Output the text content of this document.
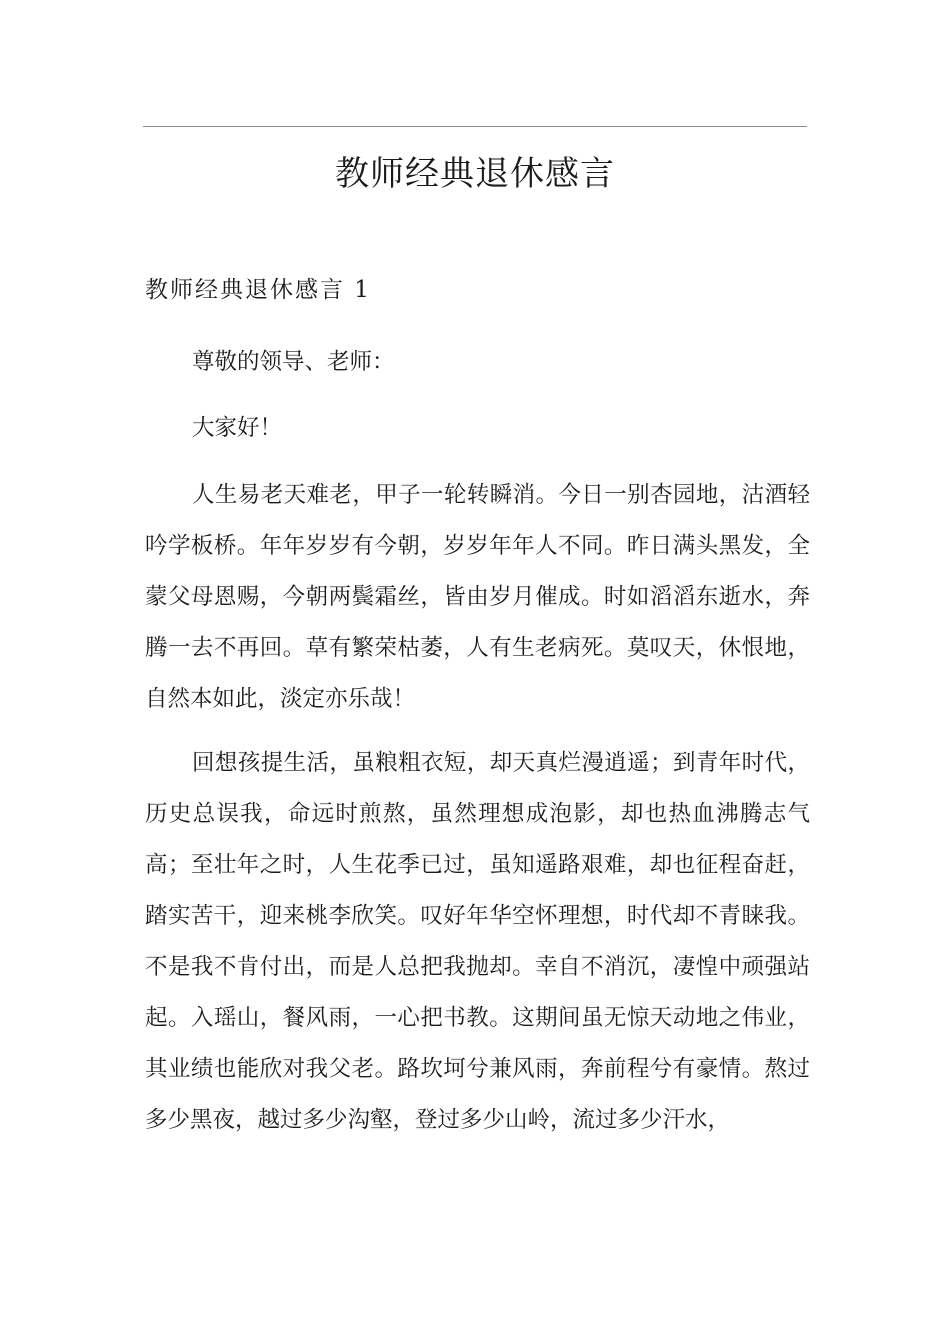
教师经典退休感言
教师经典退休感言 1

尊敬的领导、老师：

大家好！

人生易老天难老，甲子一轮转瞬消。今日一别杏园地，沽酒轻吟学板桥。年年岁岁有今朝，岁岁年年人不同。昨日满头黑发，全蒙父母恩赐，今朝两鬓霜丝，皆由岁月催成。时如滔滔东逝水，奔腾一去不再回。草有繁荣枯萎，人有生老病死。莫叹天，休恨地，自然本如此，淡定亦乐哉！

回想孩提生活，虽粮粗衣短，却天真烂漫逍遥；到青年时代，历史总误我，命远时煎熬，虽然理想成泡影，却也热血沸腾志气高；至壮年之时，人生花季已过，虽知遥路艰难，却也征程奋赶，踏实苦干，迎来桃李欣笑。叹好年华空怀理想，时代却不青睐我。不是我不肯付出，而是人总把我抛却。幸自不消沉，凄惶中顽强站起。入瑶山，餐风雨，一心把书教。这期间虽无惊天动地之伟业，其业绩也能欣对我父老。路坎坷兮兼风雨，奔前程兮有豪情。熬过多少黑夜，越过多少沟壑，登过多少山岭，流过多少汗水，
